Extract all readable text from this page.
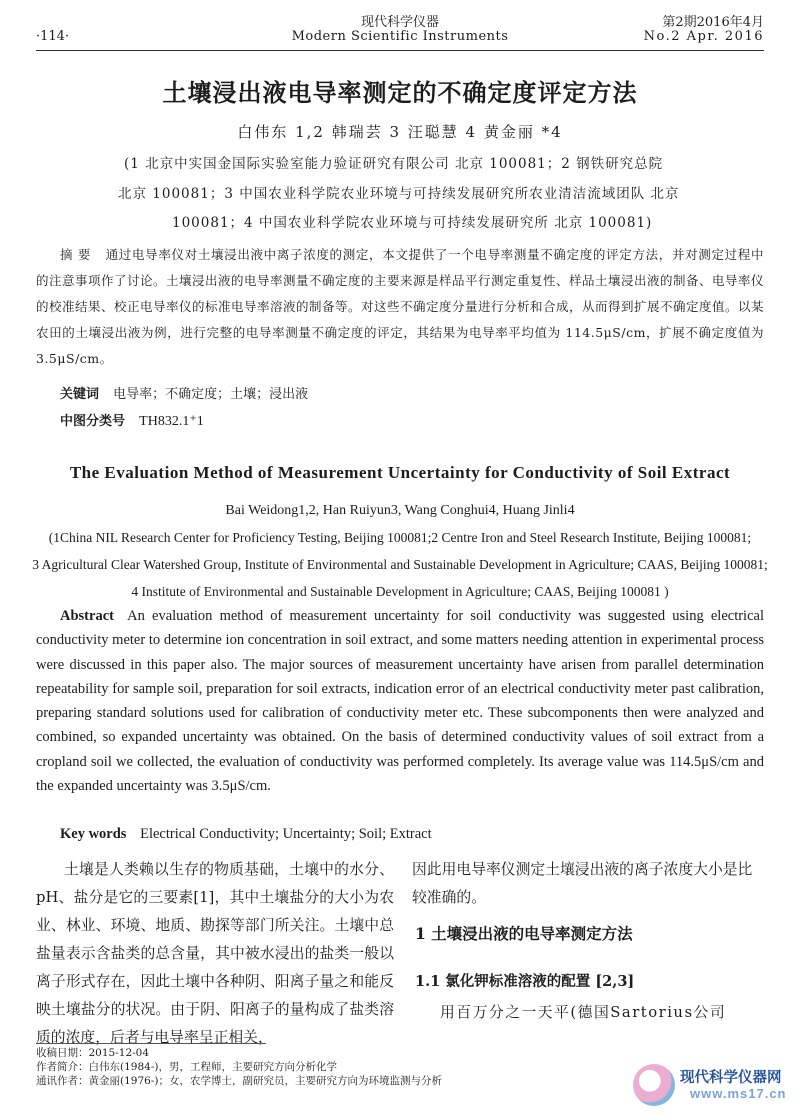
·114·
现代科学仪器
Modern Scientific Instruments
第2期2016年4月
No.2 Apr. 2016
土壤浸出液电导率测定的不确定度评定方法
白伟东 1,2 韩瑞芸 3 汪聪慧 4 黄金丽 *4
(1 北京中实国金国际实验室能力验证研究有限公司 北京 100081；2 钢铁研究总院
北京 100081；3 中国农业科学院农业环境与可持续发展研究所农业清洁流域团队 北京
100081；4 中国农业科学院农业环境与可持续发展研究所 北京 100081)
摘 要 通过电导率仪对土壤浸出液中离子浓度的测定，本文提供了一个电导率测量不确定度的评定方法，并对测定过程中的注意事项作了讨论。土壤浸出液的电导率测量不确定度的主要来源是样品平行测定重复性、样品土壤浸出液的制备、电导率仪的校准结果、校正电导率仪的标准电导率溶液的制备等。对这些不确定度分量进行分析和合成，从而得到扩展不确定度值。以某农田的土壤浸出液为例，进行完整的电导率测量不确定度的评定，其结果为电导率平均值为 114.5μS/cm，扩展不确定度值为 3.5μS/cm。
关键词 电导率；不确定度；土壤；浸出液
中图分类号 TH832.1⁺1
The Evaluation Method of Measurement Uncertainty for Conductivity of Soil Extract
Bai Weidong1,2, Han Ruiyun3, Wang Conghui4, Huang Jinli4
(1China NIL Research Center for Proficiency Testing, Beijing 100081;2 Centre Iron and Steel Research Institute, Beijing 100081;
3 Agricultural Clear Watershed Group, Institute of Environmental and Sustainable Development in Agriculture; CAAS, Beijing 100081;
4 Institute of Environmental and Sustainable Development in Agriculture; CAAS, Beijing 100081 )
Abstract An evaluation method of measurement uncertainty for soil conductivity was suggested using electrical conductivity meter to determine ion concentration in soil extract, and some matters needing attention in experimental process were discussed in this paper also. The major sources of measurement uncertainty have arisen from parallel determination repeatability for sample soil, preparation for soil extracts, indication error of an electrical conductivity meter past calibration, preparing standard solutions used for calibration of conductivity meter etc. These subcomponents then were analyzed and combined, so expanded uncertainty was obtained. On the basis of determined conductivity values of soil extract from a cropland soil we collected, the evaluation of conductivity was performed completely. Its average value was 114.5μS/cm and the expanded uncertainty was 3.5μS/cm.
Key words Electrical Conductivity; Uncertainty; Soil; Extract
土壤是人类赖以生存的物质基础，土壤中的水分、pH、盐分是它的三要素[1]，其中土壤盐分的大小为农业、林业、环境、地质、勘探等部门所关注。土壤中总盐量表示含盐类的总含量，其中被水浸出的盐类一般以离子形式存在，因此土壤中各种阴、阳离子量之和能反映土壤盐分的状况。由于阴、阳离子的量构成了盐类溶质的浓度，后者与电导率呈正相关，
因此用电导率仪测定土壤浸出液的离子浓度大小是比较准确的。
1 土壤浸出液的电导率测定方法
1.1 氯化钾标准溶液的配置 [2,3]
用百万分之一天平(德国Sartorius公司
收稿日期：2015-12-04
作者简介：白伟东(1984-)，男，工程师，主要研究方向分析化学
通讯作者：黄金丽(1976-)；女，农学博士，副研究员，主要研究方向为环境监测与分析	现代科学仪器网
www.ms17.cn
